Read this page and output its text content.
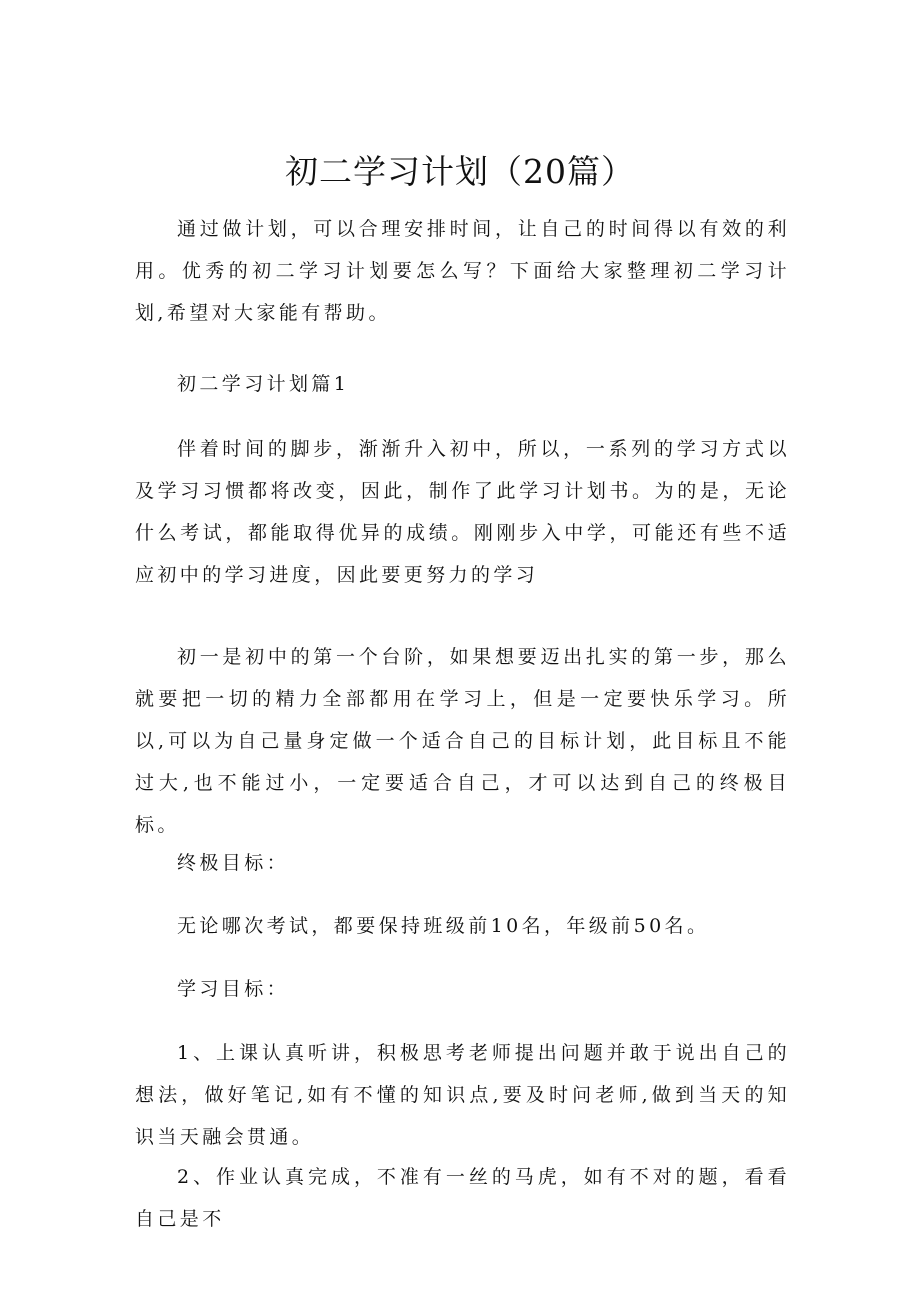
初二学习计划（20篇）

通过做计划，可以合理安排时间，让自己的时间得以有效的利用。优秀的初二学习计划要怎么写？下面给大家整理初二学习计划,希望对大家能有帮助。

初二学习计划篇1

伴着时间的脚步，渐渐升入初中，所以，一系列的学习方式以及学习习惯都将改变，因此，制作了此学习计划书。为的是，无论什么考试，都能取得优异的成绩。刚刚步入中学，可能还有些不适应初中的学习进度，因此要更努力的学习

初一是初中的第一个台阶，如果想要迈出扎实的第一步，那么就要把一切的精力全部都用在学习上，但是一定要快乐学习。所以,可以为自己量身定做一个适合自己的目标计划，此目标且不能过大,也不能过小，一定要适合自己，才可以达到自己的终极目标。

终极目标：

无论哪次考试，都要保持班级前10名，年级前50名。

学习目标：

1、上课认真听讲，积极思考老师提出问题并敢于说出自己的想法，做好笔记,如有不懂的知识点,要及时问老师,做到当天的知识当天融会贯通。

2、作业认真完成，不准有一丝的马虎，如有不对的题，看看自己是不
